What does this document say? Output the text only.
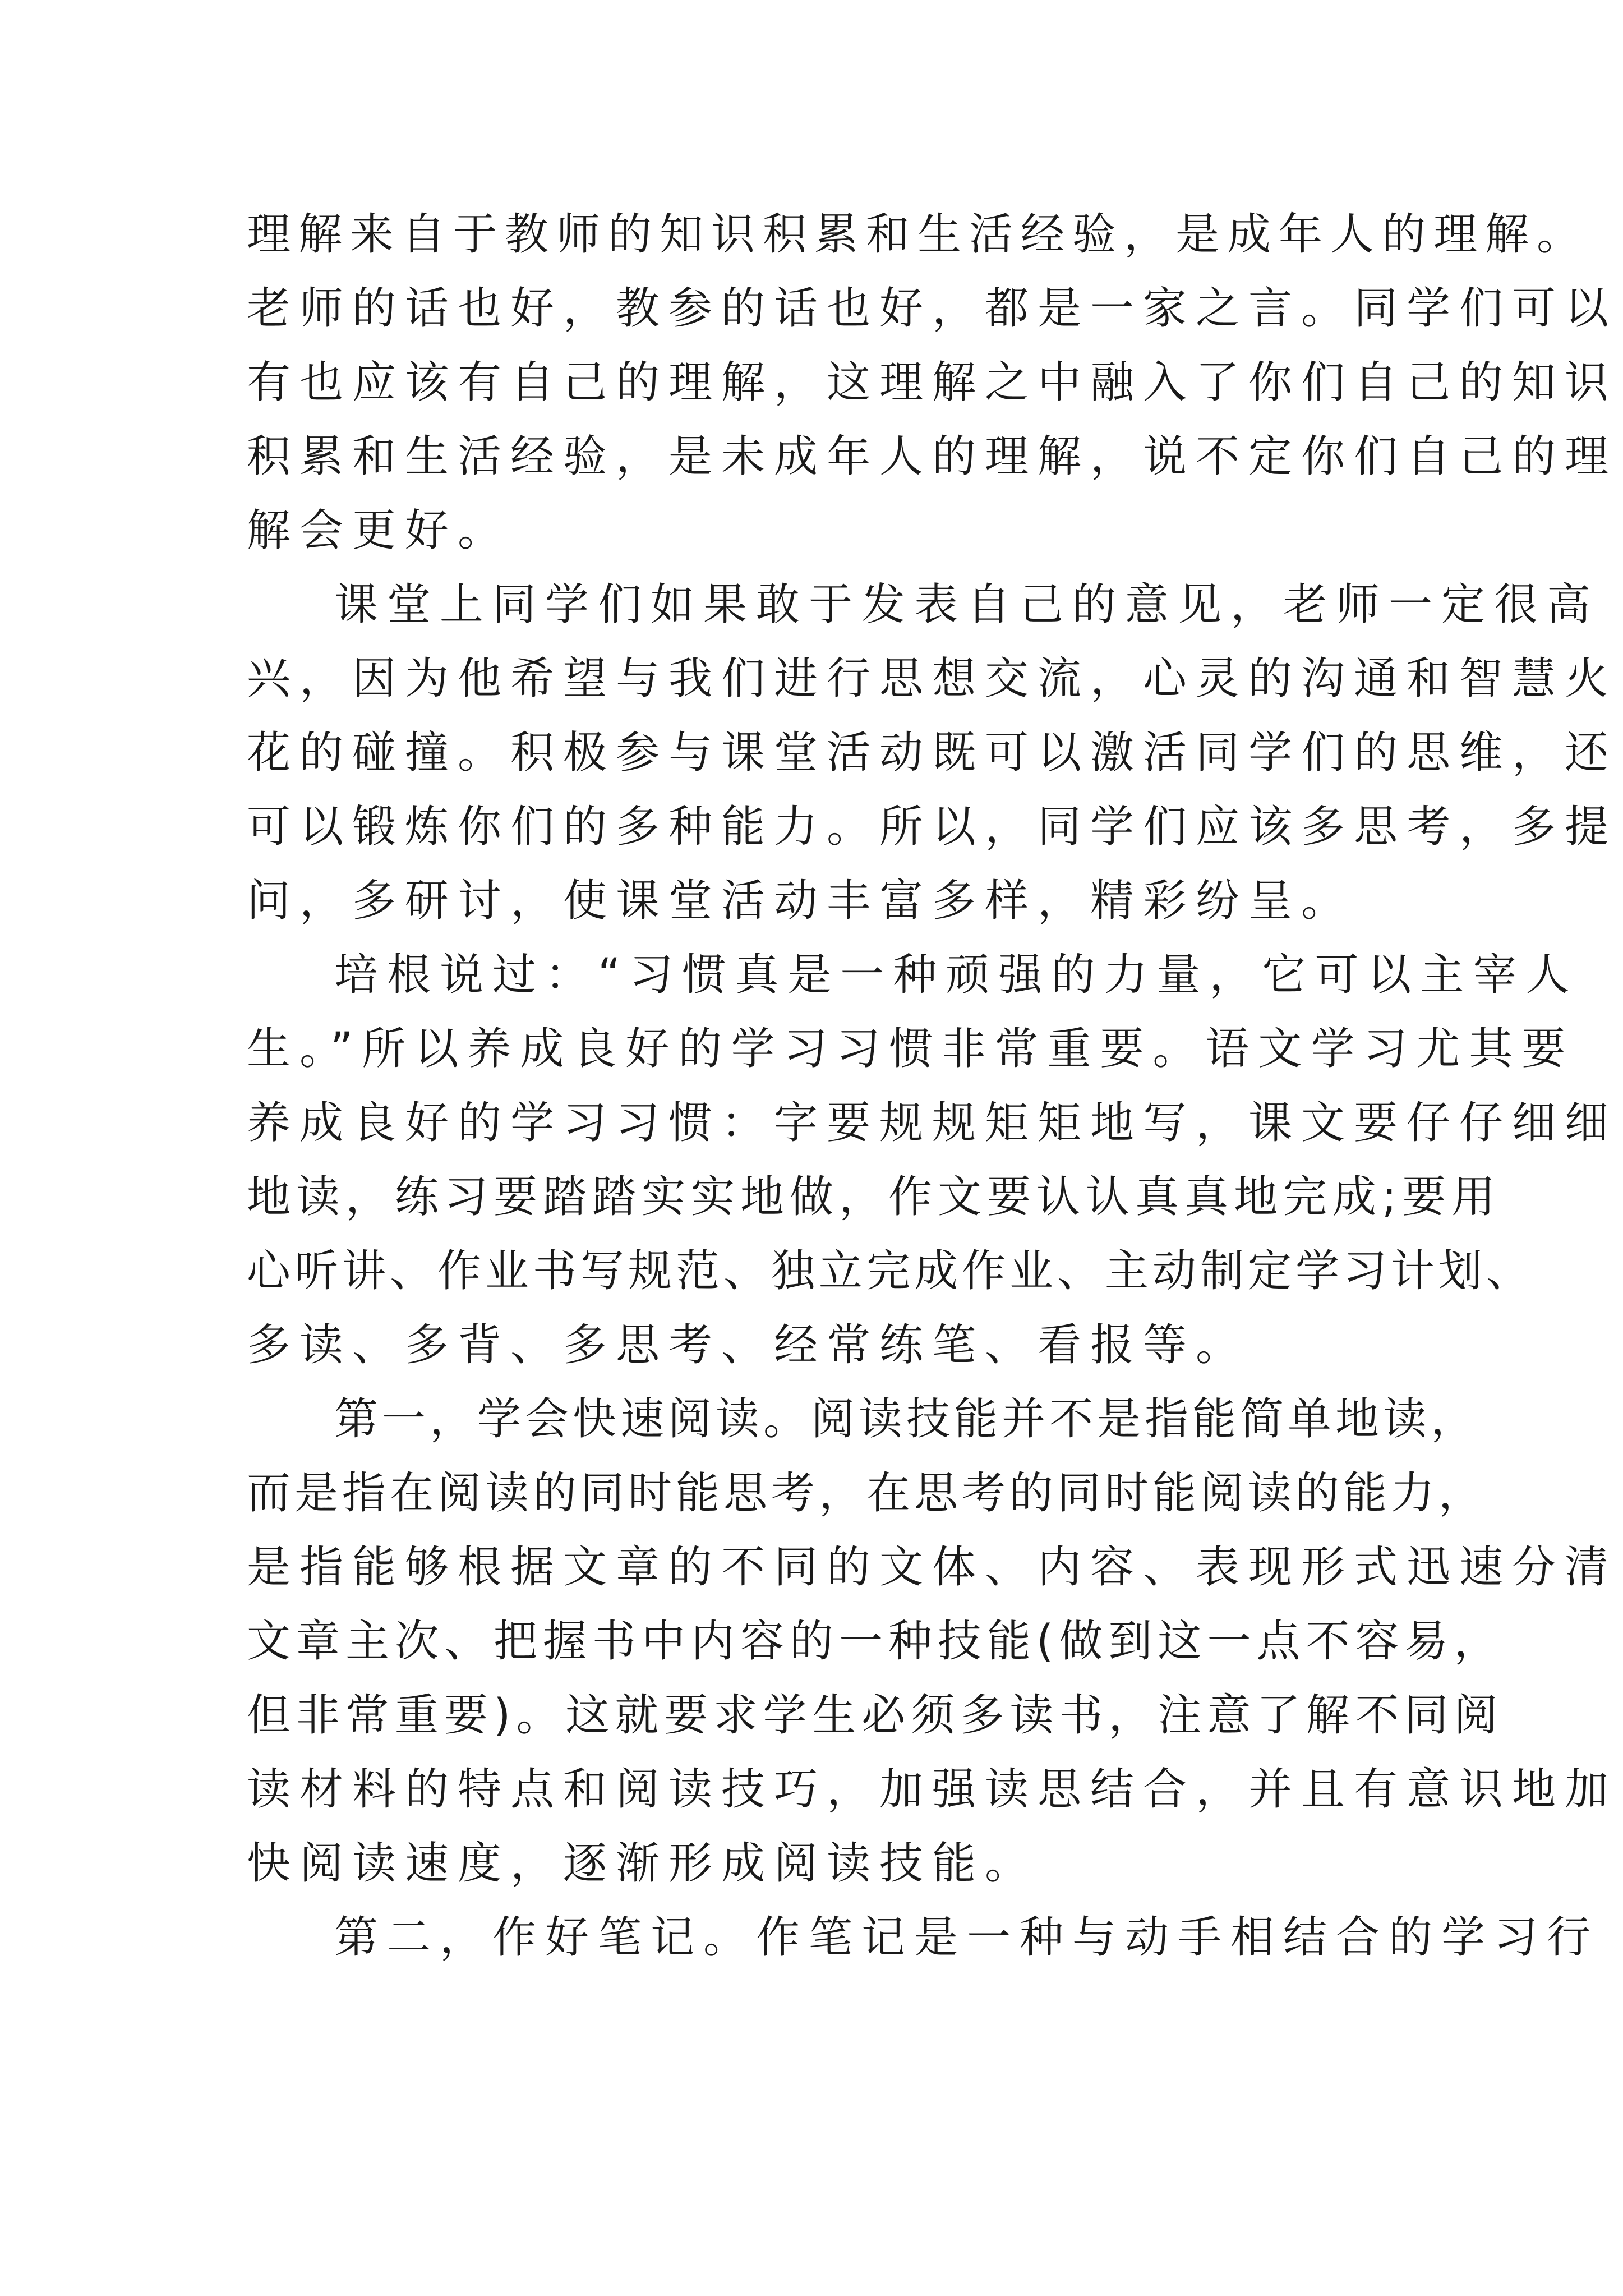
理解来自于教师的知识积累和生活经验，是成年人的理解。
老师的话也好，教参的话也好，都是一家之言。同学们可以
有也应该有自己的理解，这理解之中融入了你们自己的知识
积累和生活经验，是未成年人的理解，说不定你们自己的理
解会更好。
课堂上同学们如果敢于发表自己的意见，老师一定很高
兴，因为他希望与我们进行思想交流，心灵的沟通和智慧火
花的碰撞。积极参与课堂活动既可以激活同学们的思维，还
可以锻炼你们的多种能力。所以，同学们应该多思考，多提
问，多研讨，使课堂活动丰富多样，精彩纷呈。
培根说过：“习惯真是一种顽强的力量，它可以主宰人
生。”所以养成良好的学习习惯非常重要。语文学习尤其要
养成良好的学习习惯：字要规规矩矩地写，课文要仔仔细细
地读，练习要踏踏实实地做，作文要认认真真地完成;要用
心听讲、作业书写规范、独立完成作业、主动制定学习计划、
多读、多背、多思考、经常练笔、看报等。
第一，学会快速阅读。阅读技能并不是指能简单地读，
而是指在阅读的同时能思考，在思考的同时能阅读的能力，
是指能够根据文章的不同的文体、内容、表现形式迅速分清
文章主次、把握书中内容的一种技能(做到这一点不容易，
但非常重要)。这就要求学生必须多读书，注意了解不同阅
读材料的特点和阅读技巧，加强读思结合，并且有意识地加
快阅读速度，逐渐形成阅读技能。
第二，作好笔记。作笔记是一种与动手相结合的学习行
